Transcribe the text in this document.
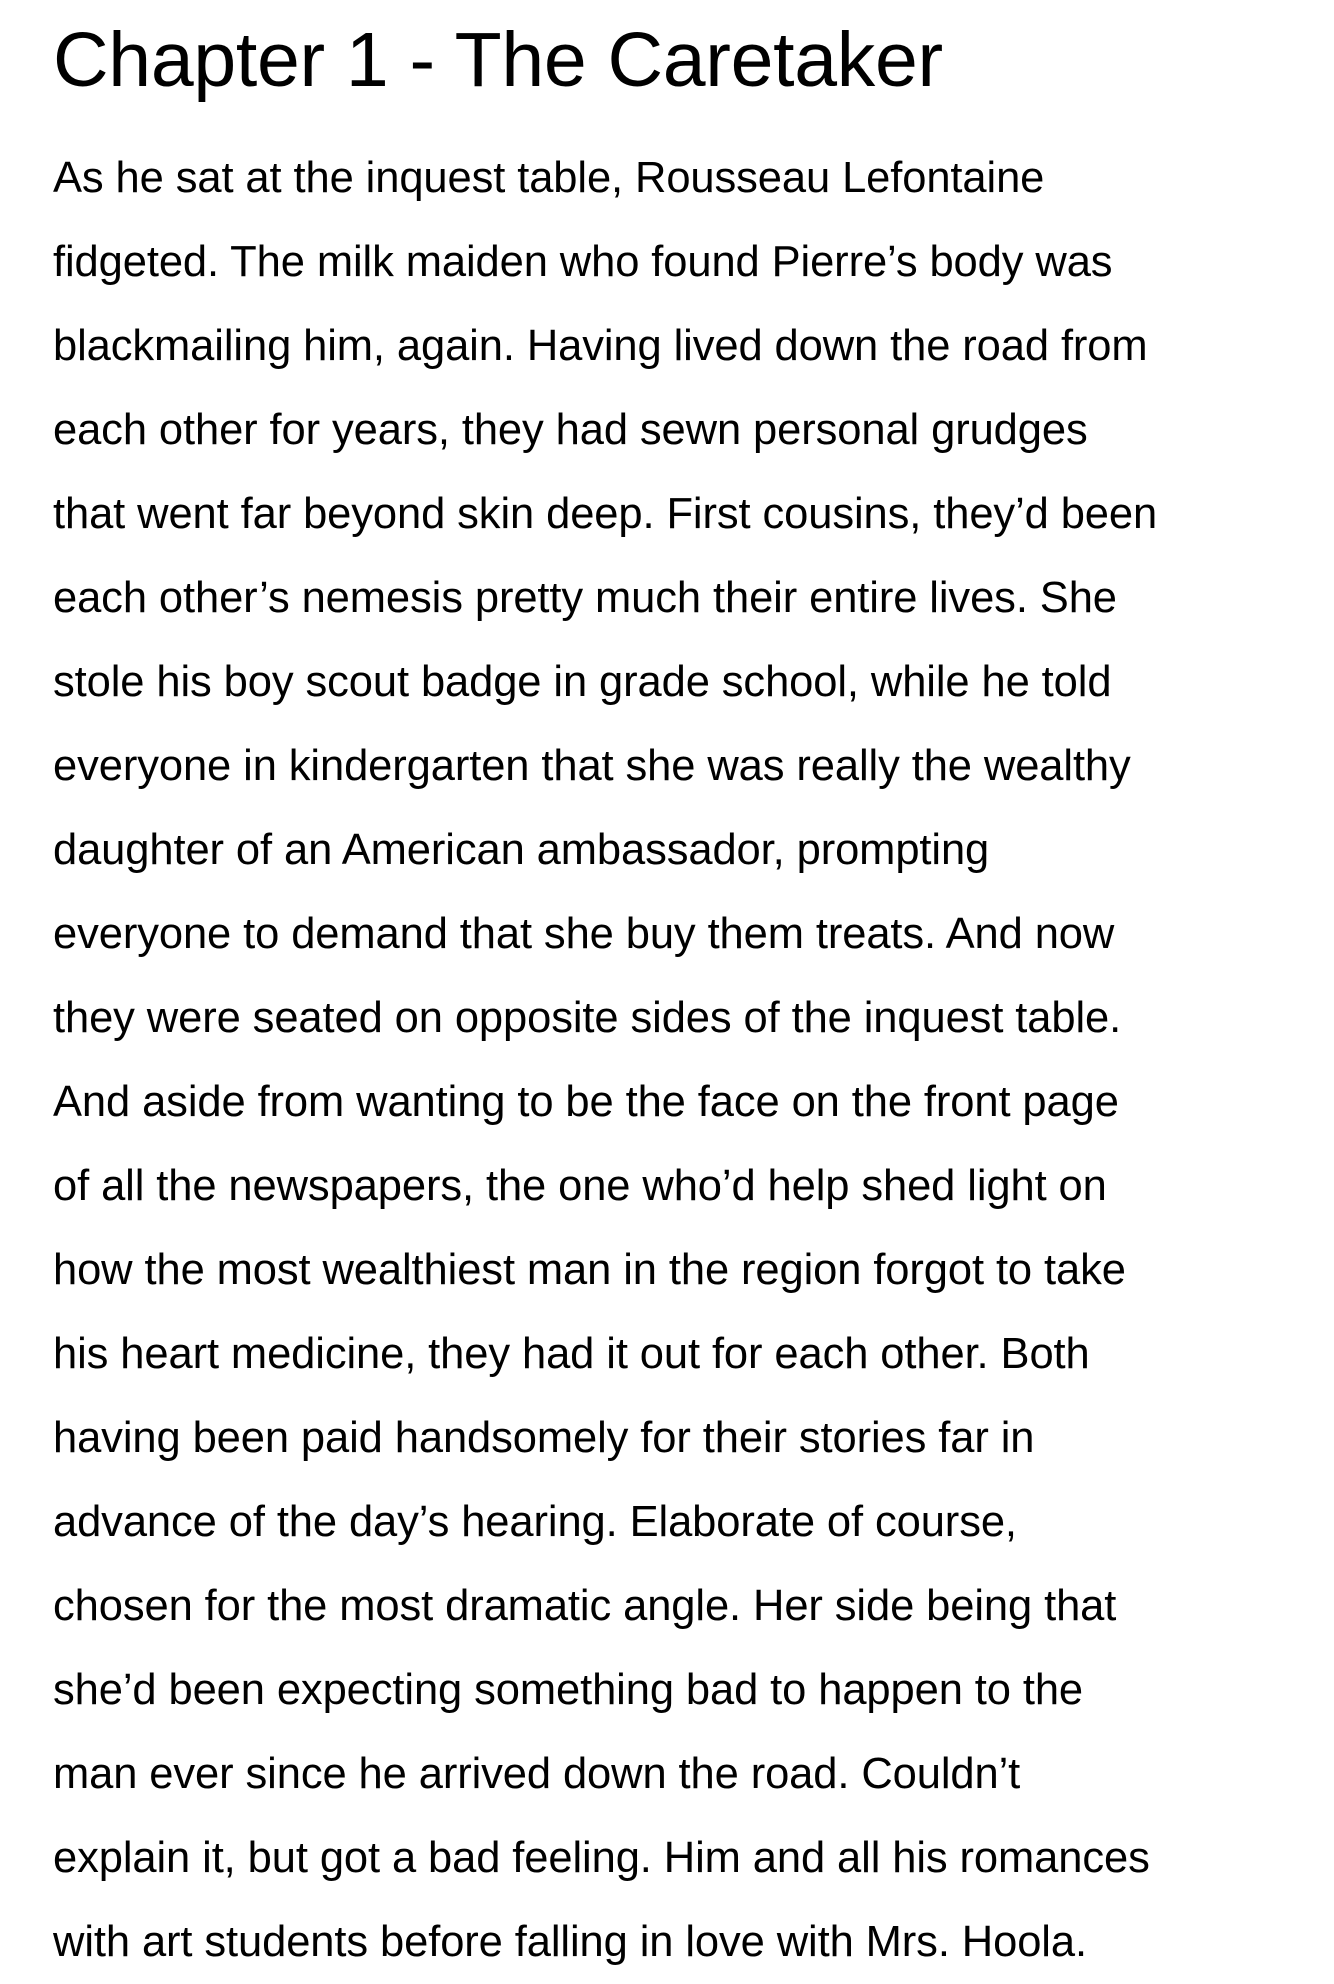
Chapter 1 - The Caretaker
As he sat at the inquest table, Rousseau Lefontaine
fidgeted. The milk maiden who found Pierre’s body was
blackmailing him, again. Having lived down the road from
each other for years, they had sewn personal grudges
that went far beyond skin deep. First cousins, they’d been
each other’s nemesis pretty much their entire lives. She
stole his boy scout badge in grade school, while he told
everyone in kindergarten that she was really the wealthy
daughter of an American ambassador, prompting
everyone to demand that she buy them treats. And now
they were seated on opposite sides of the inquest table.
And aside from wanting to be the face on the front page
of all the newspapers, the one who’d help shed light on
how the most wealthiest man in the region forgot to take
his heart medicine, they had it out for each other. Both
having been paid handsomely for their stories far in
advance of the day’s hearing. Elaborate of course,
chosen for the most dramatic angle. Her side being that
she’d been expecting something bad to happen to the
man ever since he arrived down the road. Couldn’t
explain it, but got a bad feeling. Him and all his romances
with art students before falling in love with Mrs. Hoola.
